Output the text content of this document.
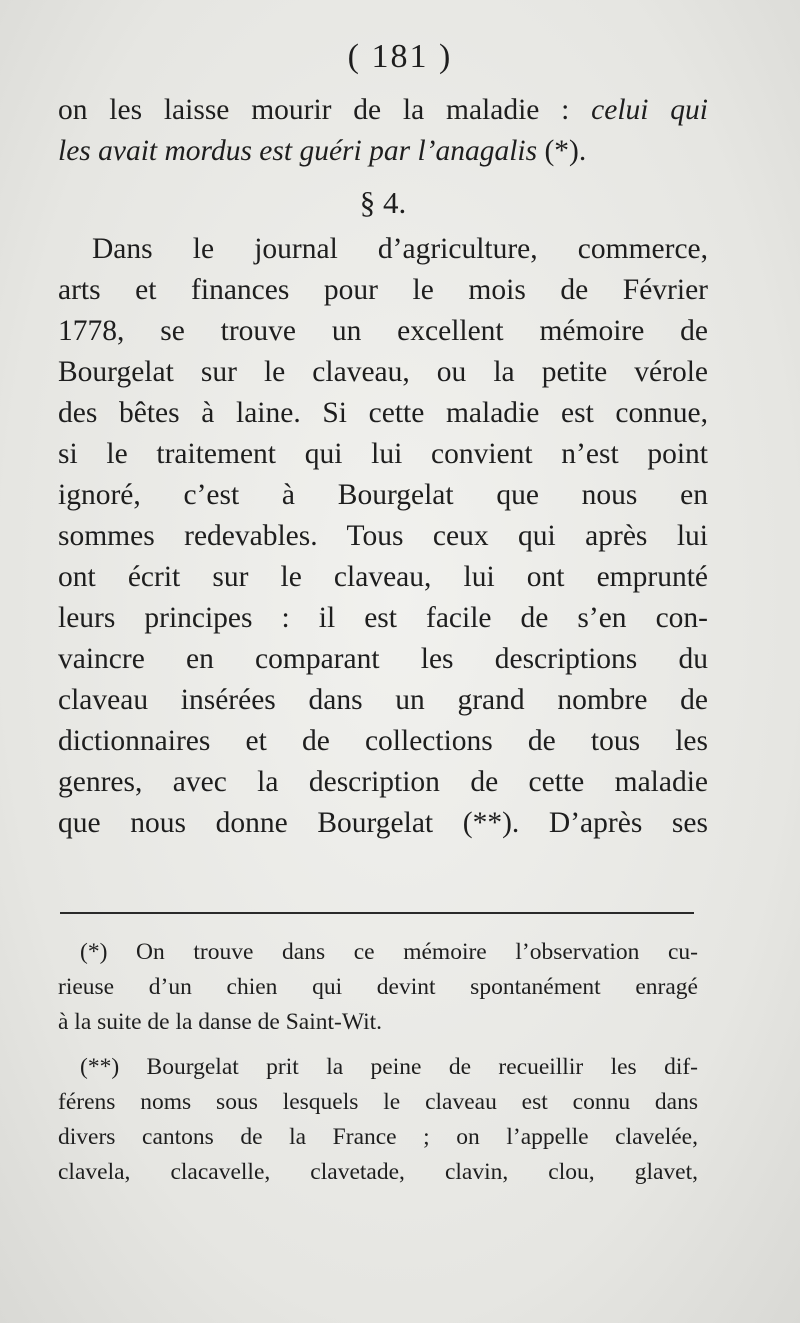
( 181 )
on les laisse mourir de la maladie : celui qui
les avait mordus est guéri par l’anagalis (*).
§ 4.
Dans le journal d’agriculture, commerce,
arts et finances pour le mois de Février
1778, se trouve un excellent mémoire de
Bourgelat sur le claveau, ou la petite vérole
des bêtes à laine. Si cette maladie est connue,
si le traitement qui lui convient n’est point
ignoré, c’est à Bourgelat que nous en
sommes redevables. Tous ceux qui après lui
ont écrit sur le claveau, lui ont emprunté
leurs principes : il est facile de s’en con-
vaincre en comparant les descriptions du
claveau insérées dans un grand nombre de
dictionnaires et de collections de tous les
genres, avec la description de cette maladie
que nous donne Bourgelat (**). D’après ses
(*) On trouve dans ce mémoire l’observation cu-
rieuse d’un chien qui devint spontanément enragé
à la suite de la danse de Saint-Wit.
(**) Bourgelat prit la peine de recueillir les dif-
férens noms sous lesquels le claveau est connu dans
divers cantons de la France ; on l’appelle clavelée,
clavela, clacavelle, clavetade, clavin, clou, glavet,
